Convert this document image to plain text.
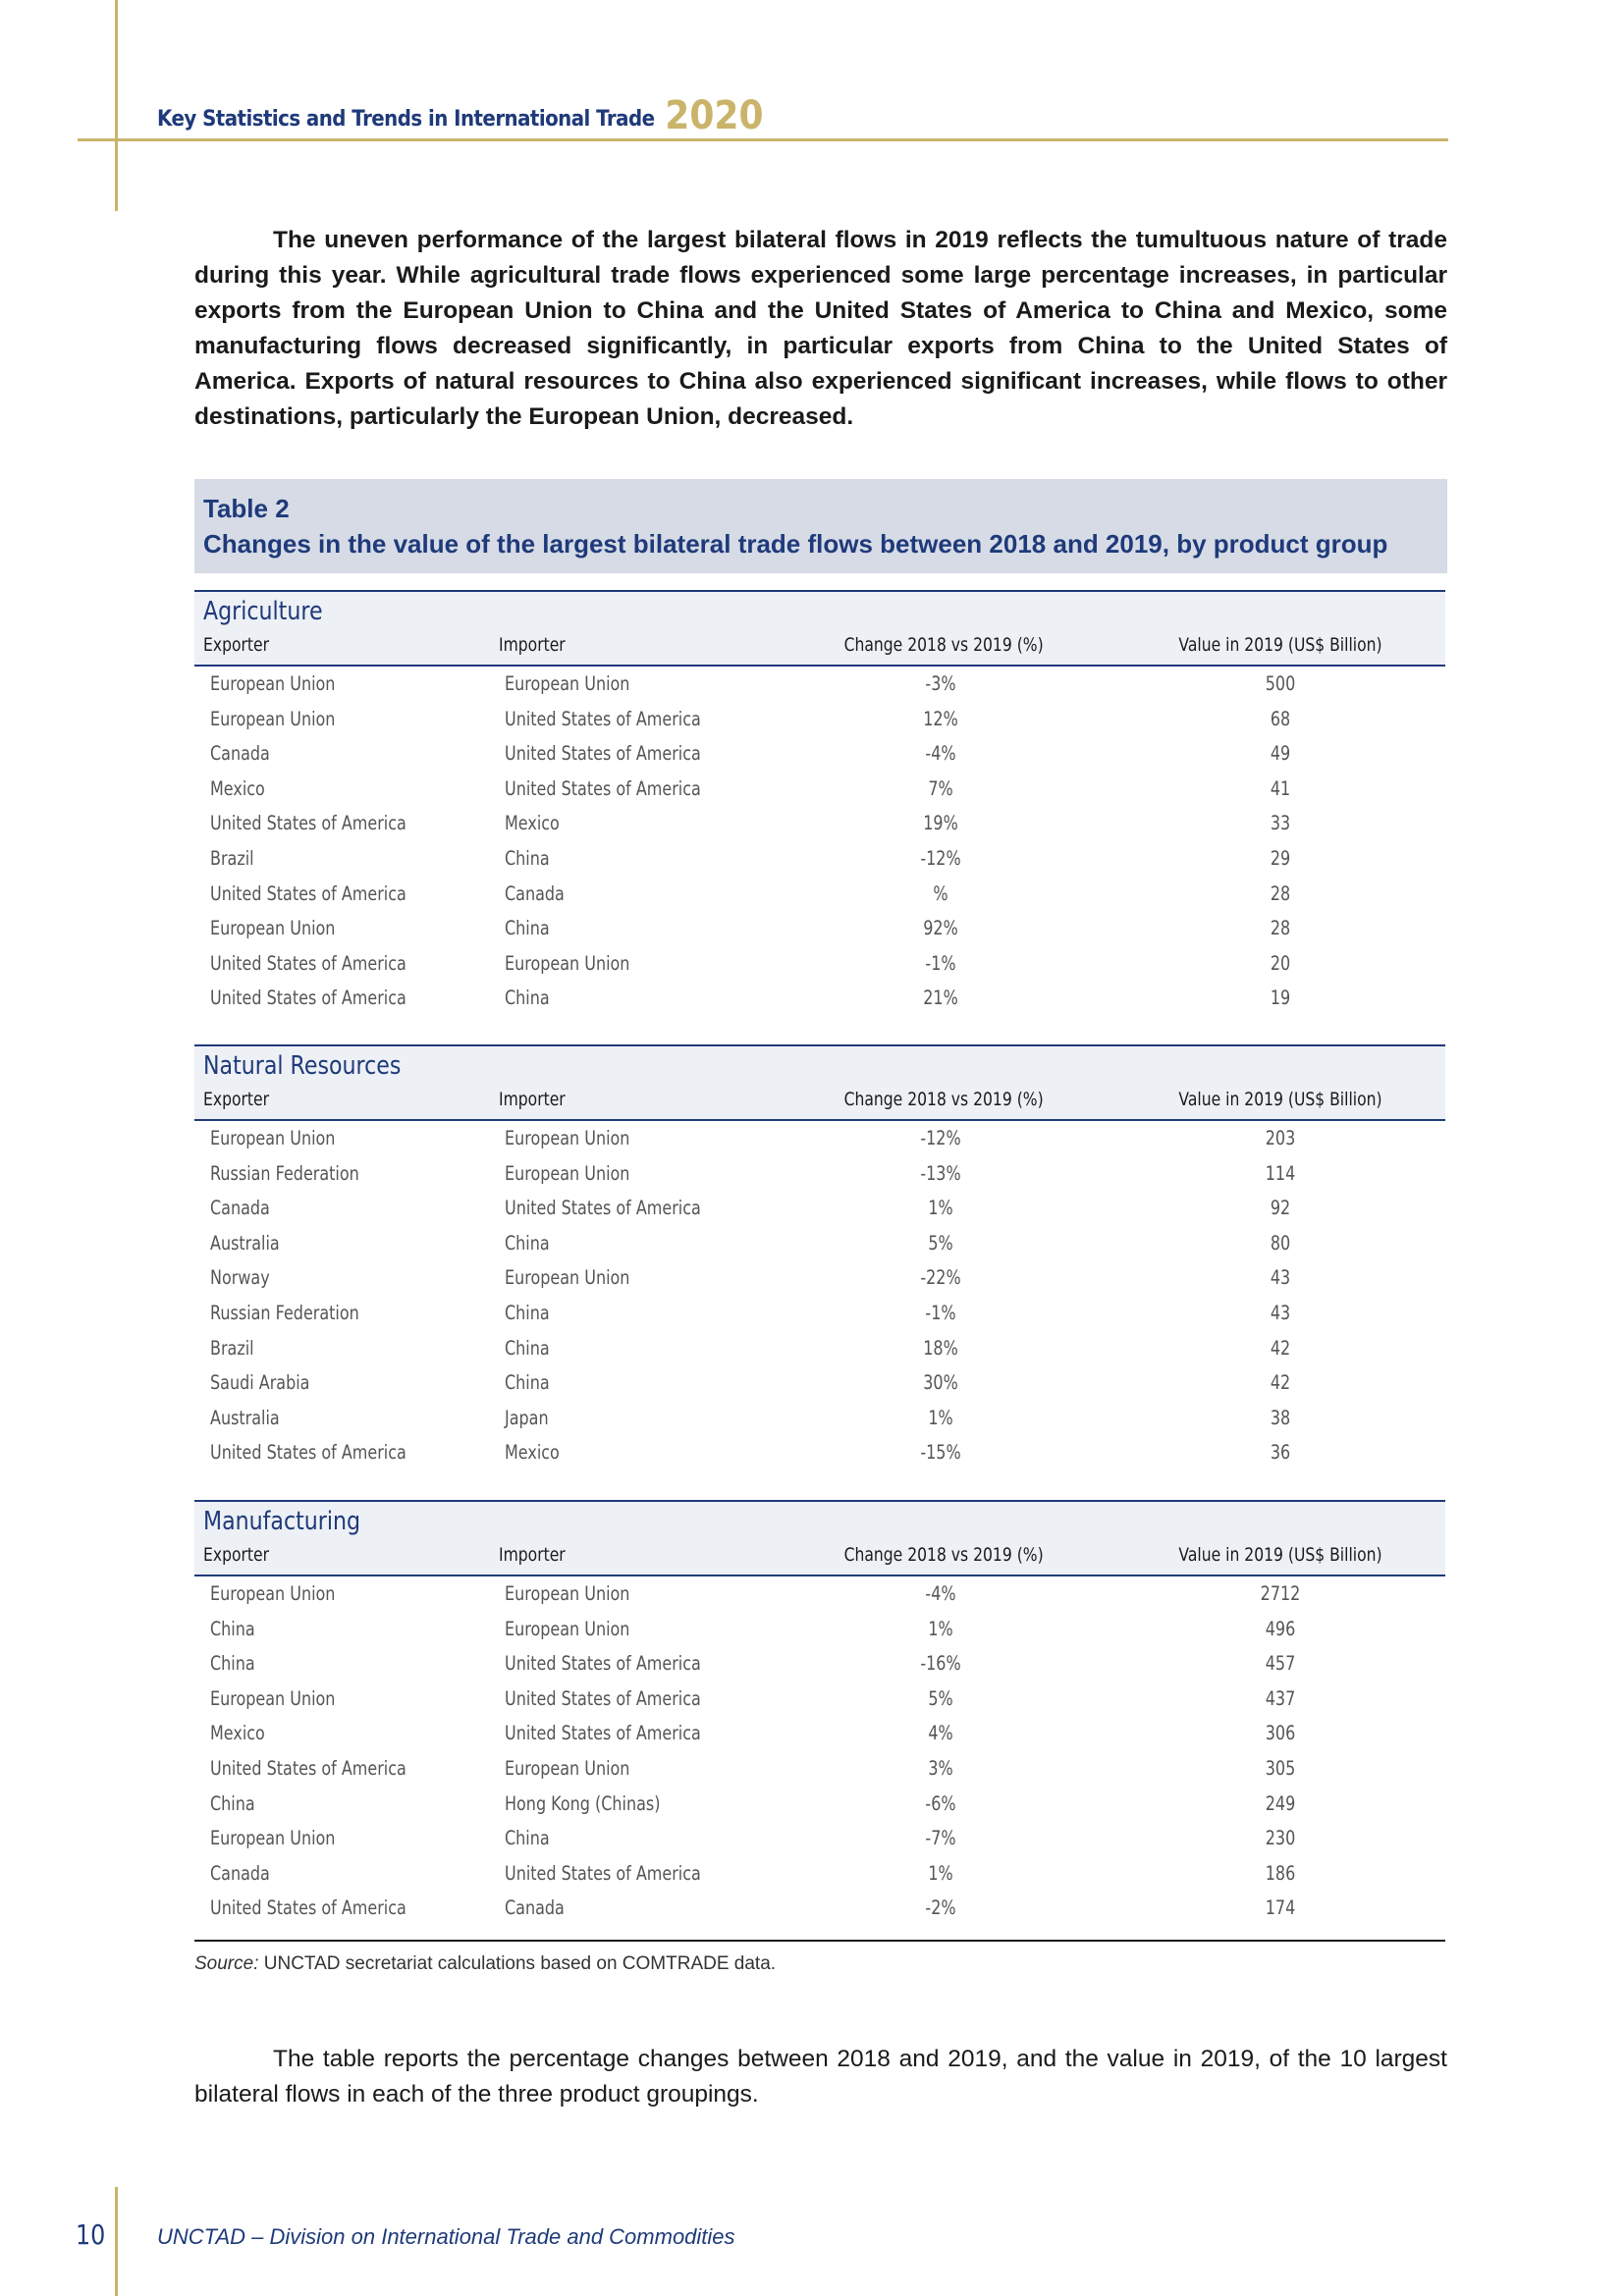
Key Statistics and Trends in International Trade 2020
The uneven performance of the largest bilateral flows in 2019 reflects the tumultuous nature of trade during this year. While agricultural trade flows experienced some large percentage increases, in particular exports from the European Union to China and the United States of America to China and Mexico, some manufacturing flows decreased significantly, in particular exports from China to the United States of America. Exports of natural resources to China also experienced significant increases, while flows to other destinations, particularly the European Union, decreased.
Table 2
Changes in the value of the largest bilateral trade flows between 2018 and 2019, by product group
Agriculture
Exporter	Importer	Change 2018 vs 2019 (%)	Value in 2019 (US$ Billion)
European Union	European Union	-3%	500
European Union	United States of America	12%	68
Canada	United States of America	-4%	49
Mexico	United States of America	7%	41
United States of America	Mexico	19%	33
Brazil	China	-12%	29
United States of America	Canada	%	28
European Union	China	92%	28
United States of America	European Union	-1%	20
United States of America	China	21%	19
Natural Resources
Exporter	Importer	Change 2018 vs 2019 (%)	Value in 2019 (US$ Billion)
European Union	European Union	-12%	203
Russian Federation	European Union	-13%	114
Canada	United States of America	1%	92
Australia	China	5%	80
Norway	European Union	-22%	43
Russian Federation	China	-1%	43
Brazil	China	18%	42
Saudi Arabia	China	30%	42
Australia	Japan	1%	38
United States of America	Mexico	-15%	36
Manufacturing
Exporter	Importer	Change 2018 vs 2019 (%)	Value in 2019 (US$ Billion)
European Union	European Union	-4%	2712
China	European Union	1%	496
China	United States of America	-16%	457
European Union	United States of America	5%	437
Mexico	United States of America	4%	306
United States of America	European Union	3%	305
China	Hong Kong (Chinas)	-6%	249
European Union	China	-7%	230
Canada	United States of America	1%	186
United States of America	Canada	-2%	174
Source: UNCTAD secretariat calculations based on COMTRADE data.
The table reports the percentage changes between 2018 and 2019, and the value in 2019, of the 10 largest bilateral flows in each of the three product groupings.
10 UNCTAD – Division on International Trade and Commodities
